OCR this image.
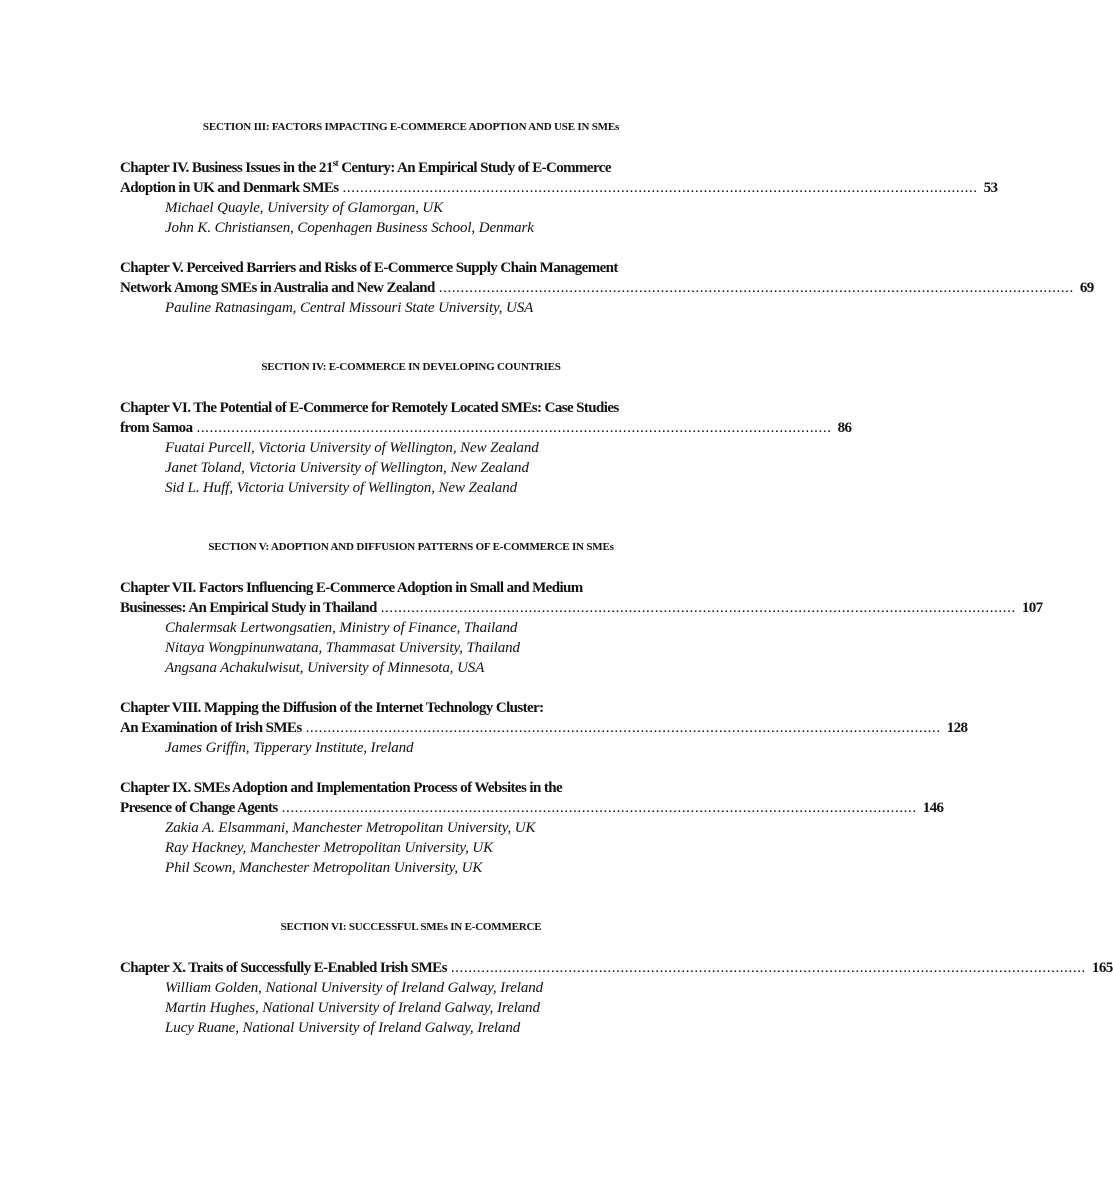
SECTION III: FACTORS IMPACTING E-COMMERCE ADOPTION AND USE IN SMEs
Chapter IV. Business Issues in the 21st Century: An Empirical Study of E-Commerce
Adoption in UK and Denmark SMEs .................................................................................................................................................. 53
Michael Quayle, University of Glamorgan, UK
John K. Christiansen, Copenhagen Business School, Denmark
Chapter V. Perceived Barriers and Risks of E-Commerce Supply Chain Management
Network Among SMEs in Australia and New Zealand .................................................................................................................................................. 69
Pauline Ratnasingam, Central Missouri State University, USA
SECTION IV: E-COMMERCE IN DEVELOPING COUNTRIES
Chapter VI. The Potential of E-Commerce for Remotely Located SMEs: Case Studies
from Samoa .................................................................................................................................................. 86
Fuatai Purcell, Victoria University of Wellington, New Zealand
Janet Toland, Victoria University of Wellington, New Zealand
Sid L. Huff, Victoria University of Wellington, New Zealand
SECTION V: ADOPTION AND DIFFUSION PATTERNS OF E-COMMERCE IN SMEs
Chapter VII. Factors Influencing E-Commerce Adoption in Small and Medium
Businesses: An Empirical Study in Thailand .................................................................................................................................................. 107
Chalermsak Lertwongsatien, Ministry of Finance, Thailand
Nitaya Wongpinunwatana, Thammasat University, Thailand
Angsana Achakulwisut, University of Minnesota, USA
Chapter VIII. Mapping the Diffusion of the Internet Technology Cluster:
An Examination of Irish SMEs .................................................................................................................................................. 128
James Griffin, Tipperary Institute, Ireland
Chapter IX. SMEs Adoption and Implementation Process of Websites in the
Presence of Change Agents .................................................................................................................................................. 146
Zakia A. Elsammani, Manchester Metropolitan University, UK
Ray Hackney, Manchester Metropolitan University, UK
Phil Scown, Manchester Metropolitan University, UK
SECTION VI: SUCCESSFUL SMEs IN E-COMMERCE
Chapter X. Traits of Successfully E-Enabled Irish SMEs .................................................................................................................................................. 165
William Golden, National University of Ireland Galway, Ireland
Martin Hughes, National University of Ireland Galway, Ireland
Lucy Ruane, National University of Ireland Galway, Ireland
